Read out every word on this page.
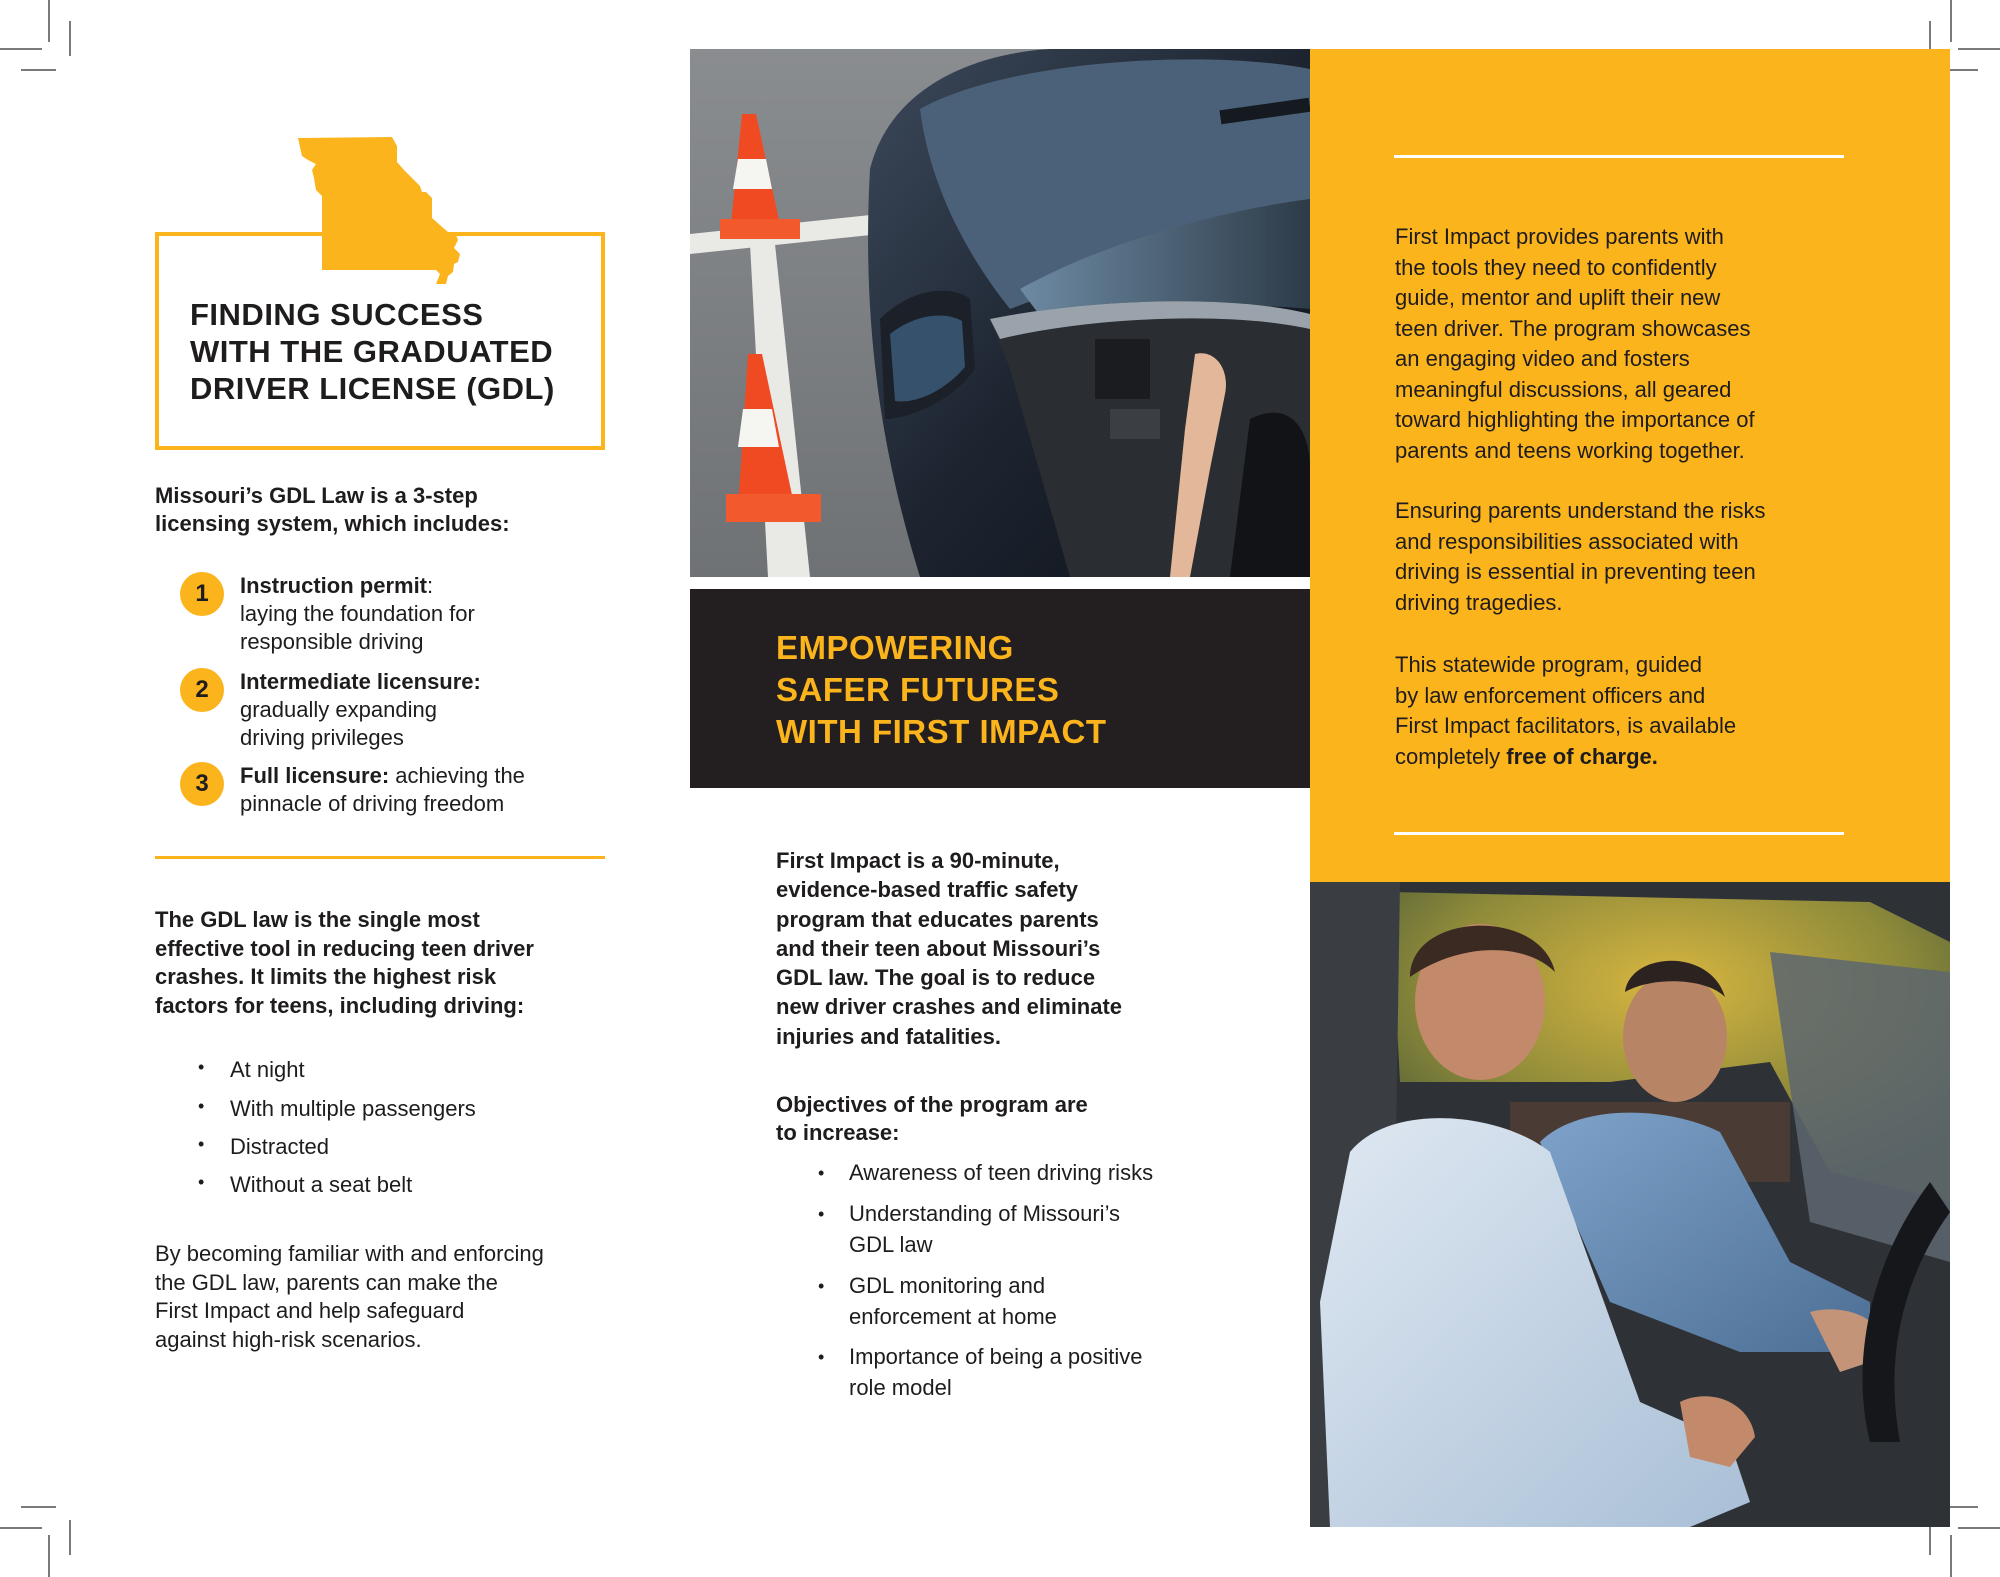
FINDING SUCCESS
WITH THE GRADUATED
DRIVER LICENSE (GDL)
Missouri’s GDL Law is a 3-step
licensing system, which includes:
1	Instruction permit:
laying the foundation for
responsible driving
2	Intermediate licensure:
gradually expanding
driving privileges
3	Full licensure: achieving the
pinnacle of driving freedom
The GDL law is the single most
effective tool in reducing teen driver
crashes. It limits the highest risk
factors for teens, including driving:
• At night
• With multiple passengers
• Distracted
• Without a seat belt
By becoming familiar with and enforcing
the GDL law, parents can make the
First Impact and help safeguard
against high-risk scenarios.
EMPOWERING
SAFER FUTURES
WITH FIRST IMPACT
First Impact is a 90-minute,
evidence-based traffic safety
program that educates parents
and their teen about Missouri’s
GDL law. The goal is to reduce
new driver crashes and eliminate
injuries and fatalities.
Objectives of the program are
to increase:
• Awareness of teen driving risks
• Understanding of Missouri’s
GDL law
• GDL monitoring and
enforcement at home
• Importance of being a positive
role model
First Impact provides parents with
the tools they need to confidently
guide, mentor and uplift their new
teen driver. The program showcases
an engaging video and fosters
meaningful discussions, all geared
toward highlighting the importance of
parents and teens working together.
Ensuring parents understand the risks
and responsibilities associated with
driving is essential in preventing teen
driving tragedies.
This statewide program, guided
by law enforcement officers and
First Impact facilitators, is available
completely free of charge.
